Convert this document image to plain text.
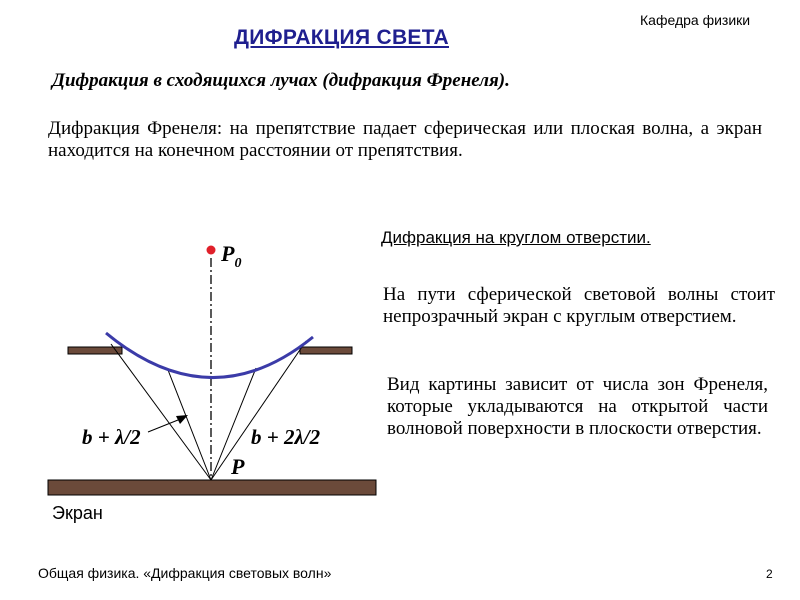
Кафедра физики
ДИФРАКЦИЯ СВЕТА
Дифракция в сходящихся лучах (дифракция Френеля).
Дифракция Френеля: на препятствие падает сферическая или плоская волна, а экран находится на конечном расстоянии от препятствия.
Дифракция на круглом отверстии.
На пути сферической световой волны стоит непрозрачный экран с круглым отверстием.
Вид картины зависит от числа зон Френеля, которые укладываются на открытой части волновой поверхности в плоскости отверстия.
$P_0$
P
b + λ/2	b + 2λ/2
Экран
Общая физика. «Дифракция световых волн»	2
